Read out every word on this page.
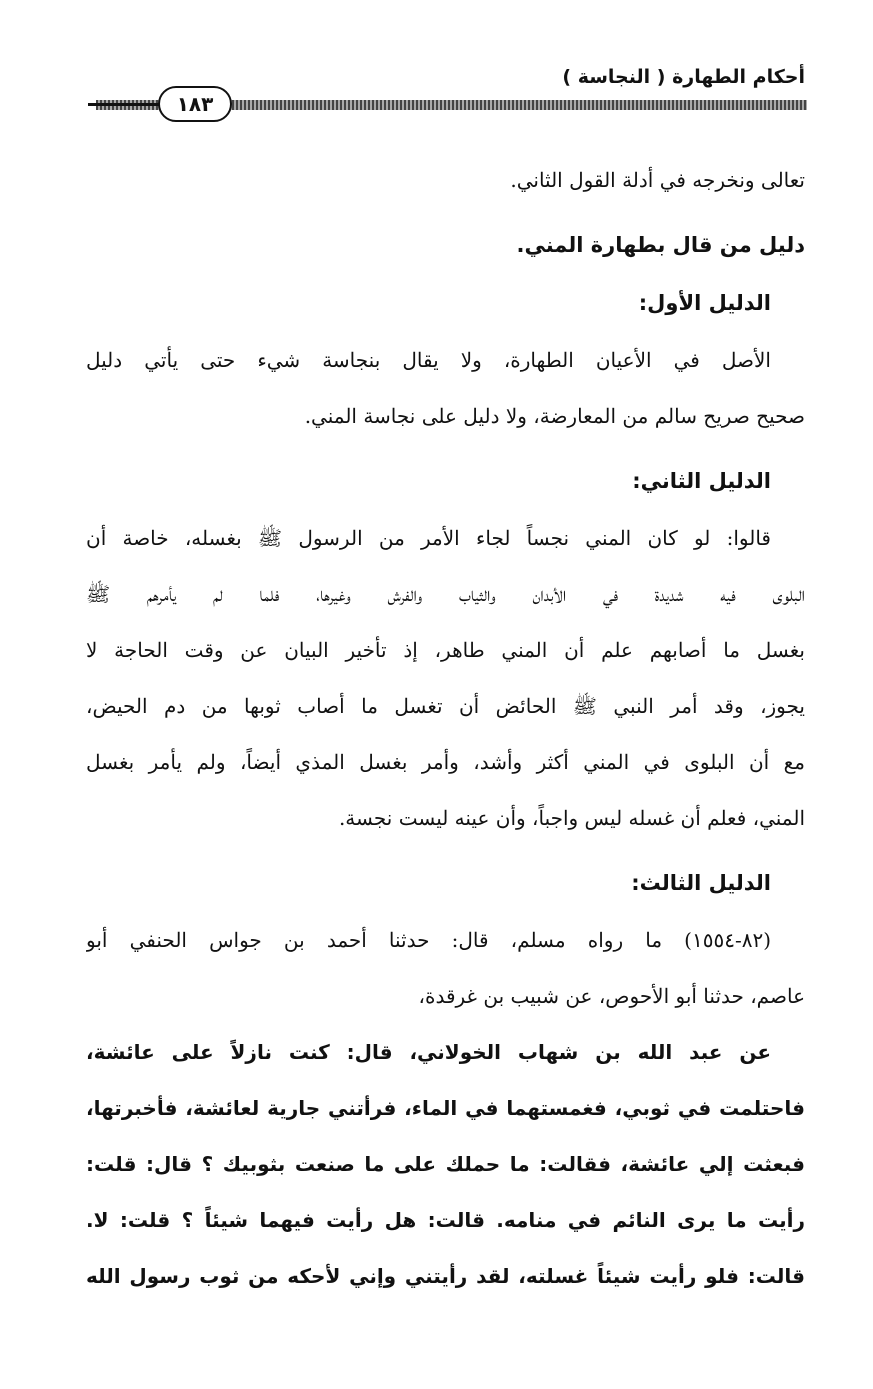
أحكام الطهارة ( النجاسة )
١٨٣
تعالى ونخرجه في أدلة القول الثاني.
دليل من قال بطهارة المني.
الدليل الأول:
الأصل في الأعيان الطهارة، ولا يقال بنجاسة شيء حتى يأتي دليل
صحيح صريح سالم من المعارضة، ولا دليل على نجاسة المني.
الدليل الثاني:
قالوا: لو كان المني نجساً لجاء الأمر من الرسول ﷺ بغسله، خاصة أن
البلوى فيه شديدة في الأبدان والثياب والفرش وغيرها، فلما لم يأمرهم ﷺ
بغسل ما أصابهم علم أن المني طاهر، إذ تأخير البيان عن وقت الحاجة لا
يجوز، وقد أمر النبي ﷺ الحائض أن تغسل ما أصاب ثوبها من دم الحيض،
مع أن البلوى في المني أكثر وأشد، وأمر بغسل المذي أيضاً، ولم يأمر بغسل
المني، فعلم أن غسله ليس واجباً، وأن عينه ليست نجسة.
الدليل الثالث:
(٨٢-١٥٥٤) ما رواه مسلم، قال: حدثنا أحمد بن جواس الحنفي أبو
عاصم، حدثنا أبو الأحوص، عن شبيب بن غرقدة،
عن عبد الله بن شهاب الخولاني، قال: كنت نازلاً على عائشة،
فاحتلمت في ثوبي، فغمستهما في الماء، فرأتني جارية لعائشة، فأخبرتها،
فبعثت إلي عائشة، فقالت: ما حملك على ما صنعت بثوبيك ؟ قال: قلت:
رأيت ما يرى النائم في منامه. قالت: هل رأيت فيهما شيئاً ؟ قلت: لا.
قالت: فلو رأيت شيئاً غسلته، لقد رأيتني وإني لأحكه من ثوب رسول الله
